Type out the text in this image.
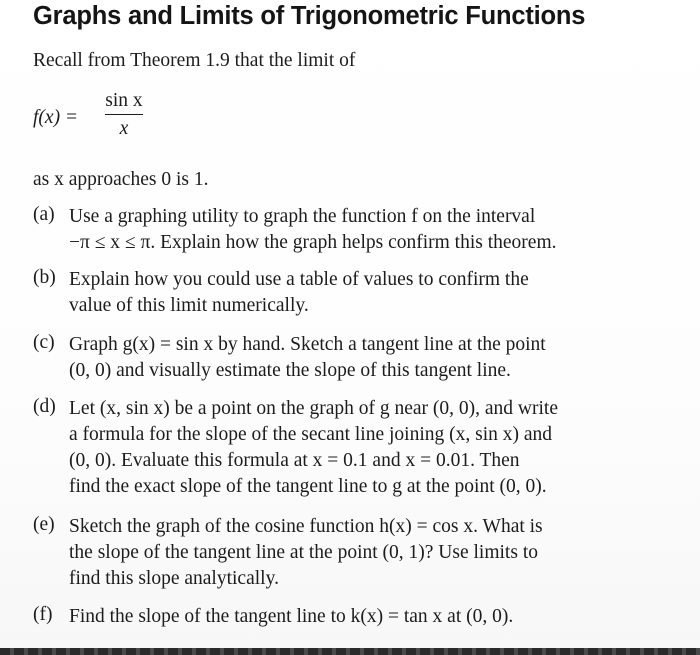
Graphs and Limits of Trigonometric Functions
Recall from Theorem 1.9 that the limit of
f(x) =
sin x
x
as x approaches 0 is 1.
(a) Use a graphing utility to graph the function f on the interval
−π ≤ x ≤ π. Explain how the graph helps confirm this theorem.
(b) Explain how you could use a table of values to confirm the
value of this limit numerically.
(c) Graph g(x) = sin x by hand. Sketch a tangent line at the point
(0, 0) and visually estimate the slope of this tangent line.
(d) Let (x, sin x) be a point on the graph of g near (0, 0), and write
a formula for the slope of the secant line joining (x, sin x) and
(0, 0). Evaluate this formula at x = 0.1 and x = 0.01. Then
find the exact slope of the tangent line to g at the point (0, 0).
(e) Sketch the graph of the cosine function h(x) = cos x. What is
the slope of the tangent line at the point (0, 1)? Use limits to
find this slope analytically.
(f) Find the slope of the tangent line to k(x) = tan x at (0, 0).
